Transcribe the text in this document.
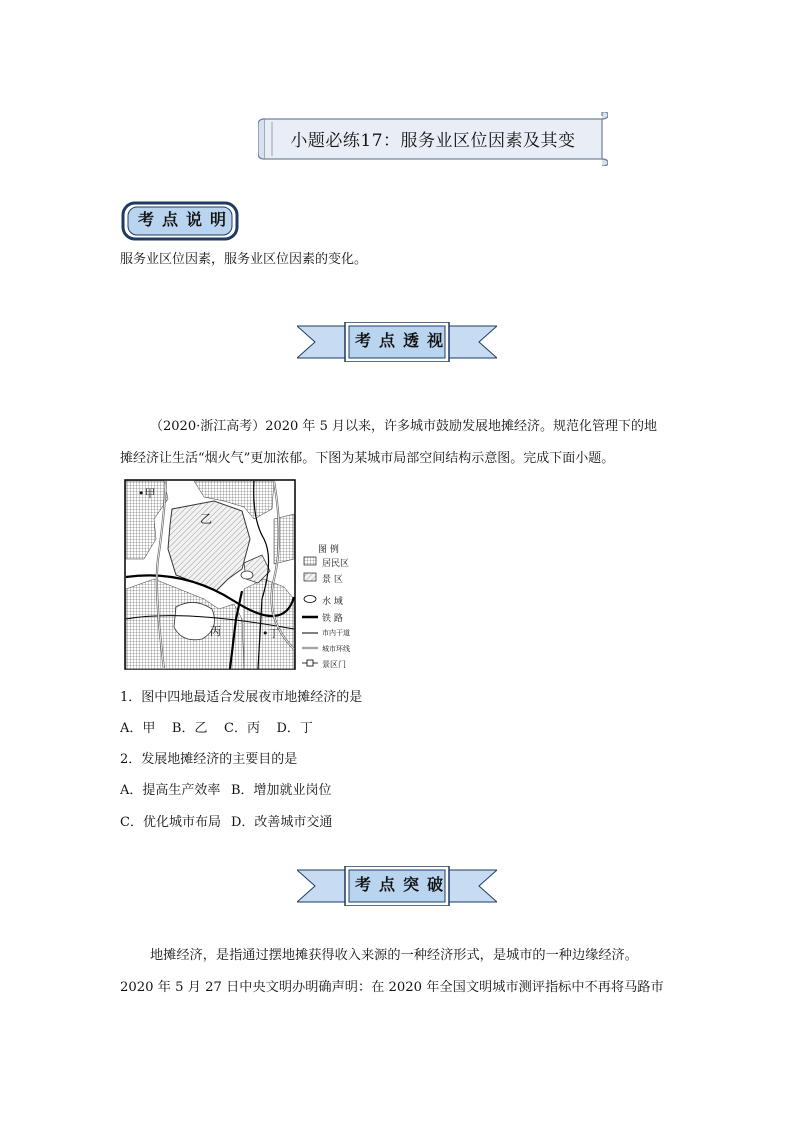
小题必练17：服务业区位因素及其变
考点说明
服务业区位因素，服务业区位因素的变化。
考点透视
（2020·浙江高考）2020 年 5 月以来，许多城市鼓励发展地摊经济。规范化管理下的地
摊经济让生活“烟火气”更加浓郁。下图为某城市局部空间结构示意图。完成下面小题。
•甲
乙
丙	•丁
图 例
居民区
景 区
水 域
铁 路
市内干道
城市环线
景区门
1．图中四地最适合发展夜市地摊经济的是
A．甲    B．乙    C．丙    D．丁
2．发展地摊经济的主要目的是
A．提高生产效率 B．增加就业岗位
C．优化城市布局 D．改善城市交通
考点突破
地摊经济，是指通过摆地摊获得收入来源的一种经济形式，是城市的一种边缘经济。
2020 年 5 月 27 日中央文明办明确声明：在 2020 年全国文明城市测评指标中不再将马路市
